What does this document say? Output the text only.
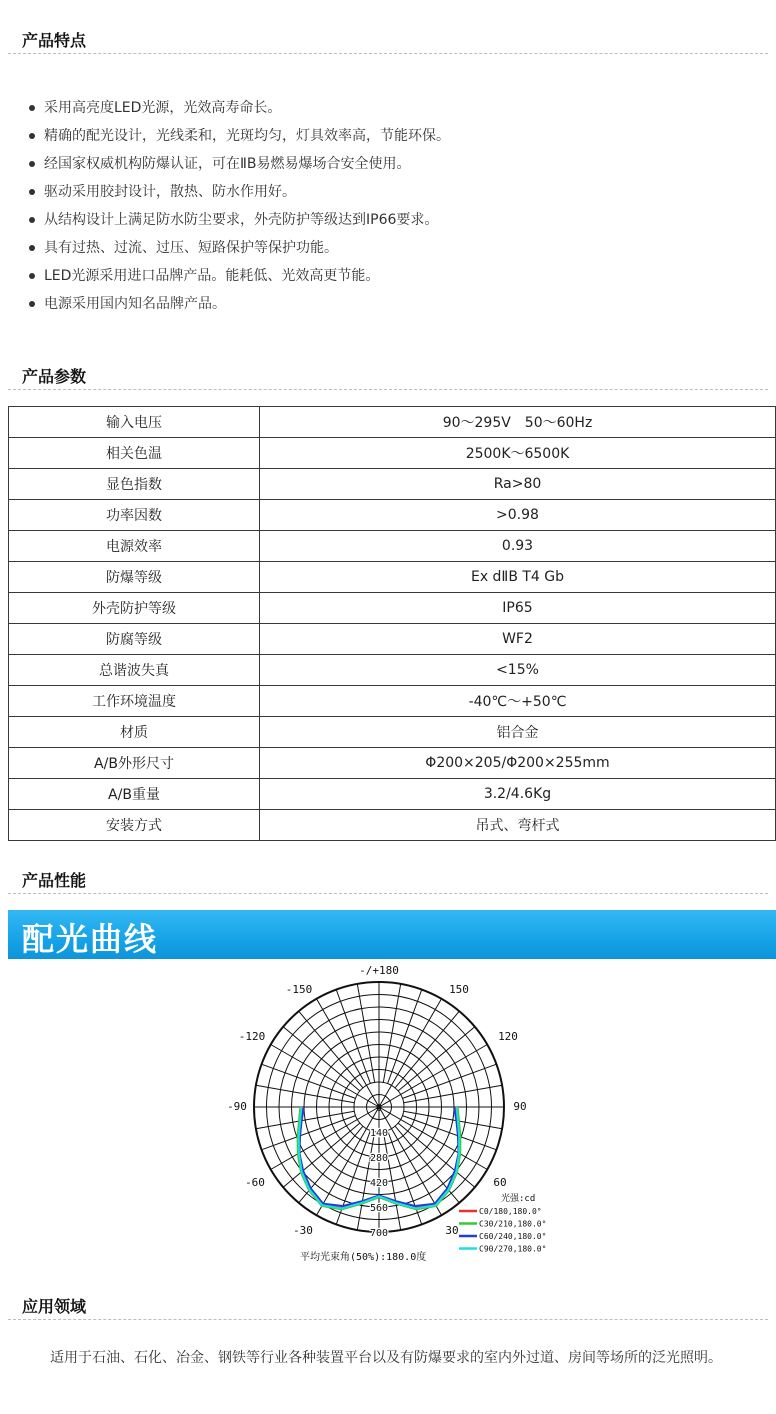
产品特点
采用高亮度LED光源，光效高寿命长。
精确的配光设计，光线柔和，光斑均匀，灯具效率高，节能环保。
经国家权威机构防爆认证，可在ⅡB易燃易爆场合安全使用。
驱动采用胶封设计，散热、防水作用好。
从结构设计上满足防水防尘要求，外壳防护等级达到IP66要求。
具有过热、过流、过压、短路保护等保护功能。
LED光源采用进口品牌产品。能耗低、光效高更节能。
电源采用国内知名品牌产品。
产品参数
输入电压	90～295V　50～60Hz
相关色温	2500K～6500K
显色指数	Ra>80
功率因数	>0.98
电源效率	0.93
防爆等级	Ex dⅡB T4 Gb
外壳防护等级	IP65
防腐等级	WF2
总谐波失真	<15%
工作环境温度	-40℃～+50℃
材质	铝合金
A/B外形尺寸	Φ200×205/Φ200×255mm
A/B重量	3.2/4.6Kg
安装方式	吊式、弯杆式
产品性能
配光曲线
-/+180
-150	150
-120	120
-90	90
-60	60
-30	30
0
140
280
420
560
700
光强:cd
C0/180,180.0°
C30/210,180.0°
C60/240,180.0°
C90/270,180.0°
平均光束角(50%):180.0度
应用领域
适用于石油、石化、冶金、钢铁等行业各种装置平台以及有防爆要求的室内外过道、房间等场所的泛光照明。
